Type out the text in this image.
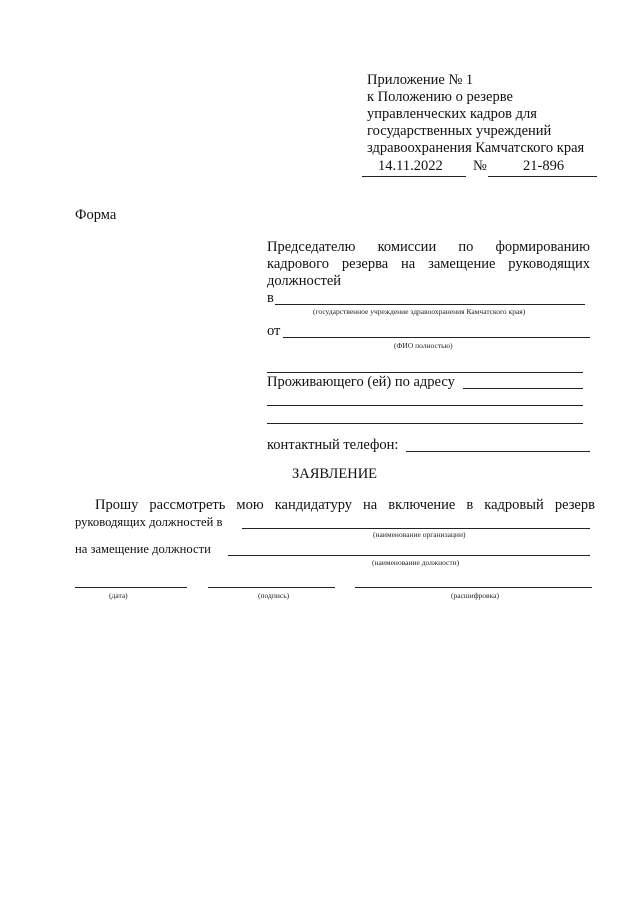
Приложение № 1
к Положению о резерве
управленческих кадров для
государственных учреждений
здравоохранения Камчатского края
14.11.2022 № 21-896
Форма
Председателю комиссии по формированию
кадрового резерва на замещение руководящих
должностей
в
(государственное учреждение здравоохранения Камчатского края)
от
(ФИО полностью)
Проживающего (ей) по адресу
контактный телефон:
ЗАЯВЛЕНИЕ
Прошу рассмотреть мою кандидатуру на включение в кадровый резерв
руководящих должностей в
(наименование организации)
на замещение должности
(наименование должности)
(дата)	(подпись)	(расшифровка)
